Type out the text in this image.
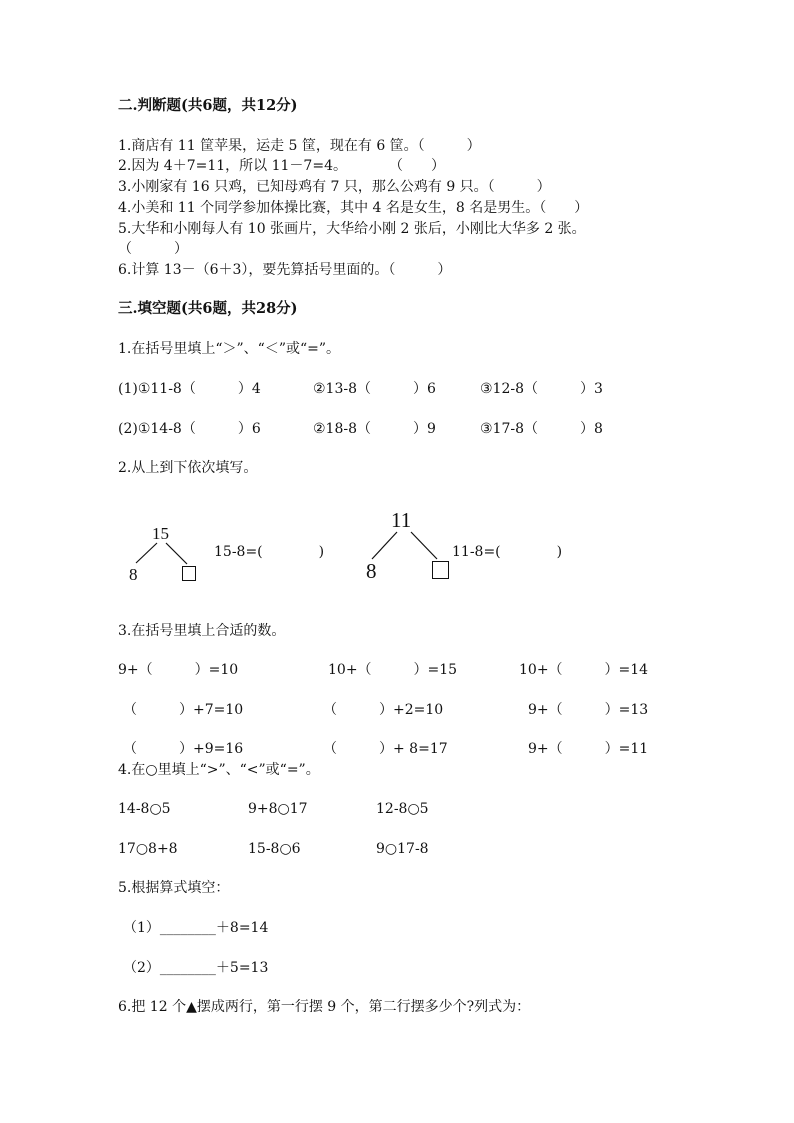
二.判断题(共6题，共12分)
1.商店有 11 筐苹果，运走 5 筐，现在有 6 筐。（　　　）
2.因为 4＋7=11，所以 11－7=4。　　　　（　　）
3.小刚家有 16 只鸡，已知母鸡有 7 只，那么公鸡有 9 只。（　　　）
4.小美和 11 个同学参加体操比赛，其中 4 名是女生，8 名是男生。（　　）
5.大华和小刚每人有 10 张画片，大华给小刚 2 张后，小刚比大华多 2 张。
（　　　）
6.计算 13－（6＋3），要先算括号里面的。（　　　）
三.填空题(共6题，共28分)
1.在括号里填上“＞”、“＜”或“=”。
(1)①11-8（　　　）4	②13-8（　　　）6	③12-8（　　　）3
(2)①14-8（　　　）6	②18-8（　　　）9	③17-8（　　　）8
2.从上到下依次填写。
15
8
15-8=(　　　　)
11
8
11-8=(　　　　)
3.在括号里填上合适的数。
9+（　　　）=10	10+（　　　）=15	10+（　　　）=14
（　　　）+7=10	（　　　）+2=10	9+（　　　）=13
（　　　）+9=16	（　　　）+ 8=17	9+（　　　）=11
4.在○里填上“>”、“<”或“=”。
14-8○5	9+8○17	12-8○5
17○8+8	15-8○6	9○17-8
5.根据算式填空：
（1）________＋8=14
（2）________＋5=13
6.把 12 个▲摆成两行，第一行摆 9 个，第二行摆多少个?列式为：
